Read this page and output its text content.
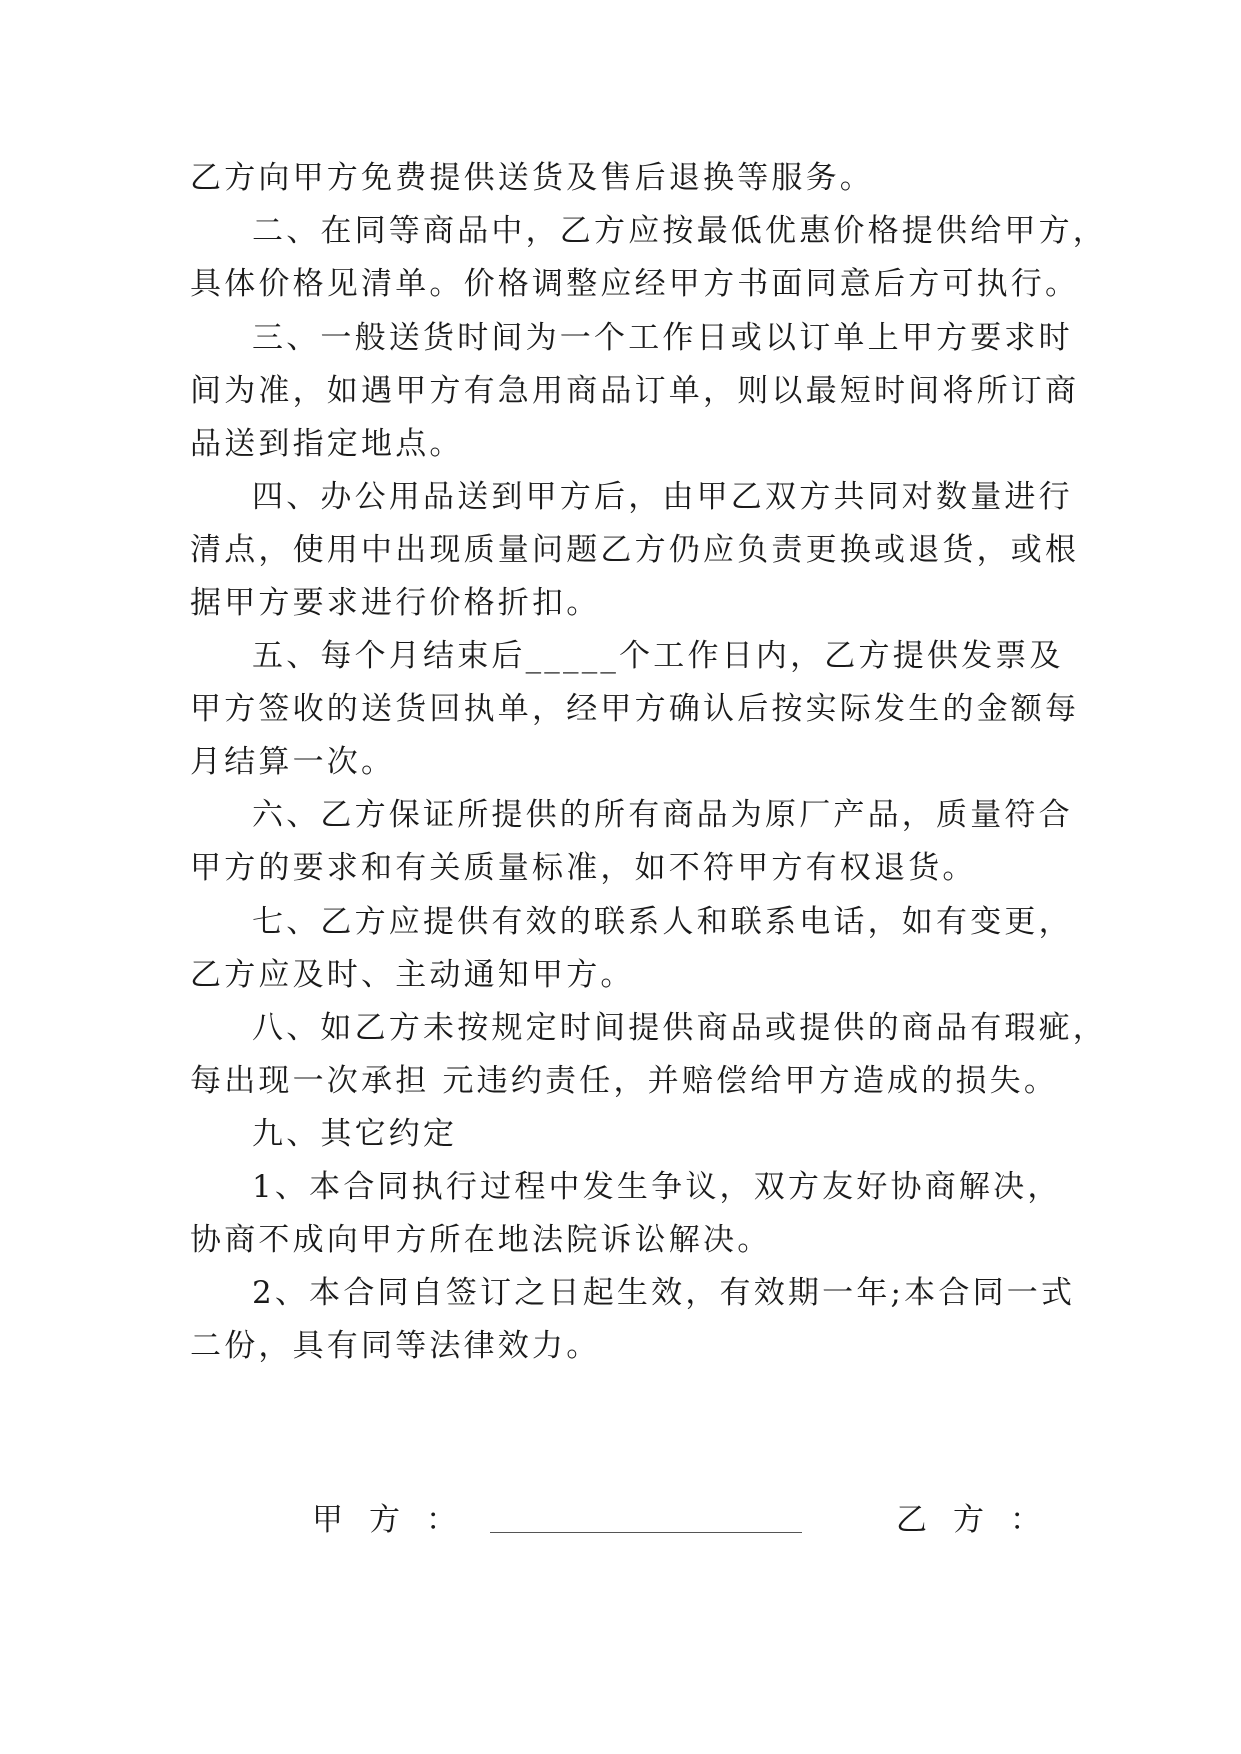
乙方向甲方免费提供送货及售后退换等服务。
二、在同等商品中，乙方应按最低优惠价格提供给甲方，
具体价格见清单。价格调整应经甲方书面同意后方可执行。
三、一般送货时间为一个工作日或以订单上甲方要求时
间为准，如遇甲方有急用商品订单，则以最短时间将所订商
品送到指定地点。
四、办公用品送到甲方后，由甲乙双方共同对数量进行
清点，使用中出现质量问题乙方仍应负责更换或退货，或根
据甲方要求进行价格折扣。
五、每个月结束后_____个工作日内，乙方提供发票及
甲方签收的送货回执单，经甲方确认后按实际发生的金额每
月结算一次。
六、乙方保证所提供的所有商品为原厂产品，质量符合
甲方的要求和有关质量标准，如不符甲方有权退货。
七、乙方应提供有效的联系人和联系电话，如有变更，
乙方应及时、主动通知甲方。
八、如乙方未按规定时间提供商品或提供的商品有瑕疵，
每出现一次承担 元违约责任，并赔偿给甲方造成的损失。
九、其它约定
1、本合同执行过程中发生争议，双方友好协商解决，
协商不成向甲方所在地法院诉讼解决。
2、本合同自签订之日起生效，有效期一年;本合同一式
二份，具有同等法律效力。
甲方：	乙方：
